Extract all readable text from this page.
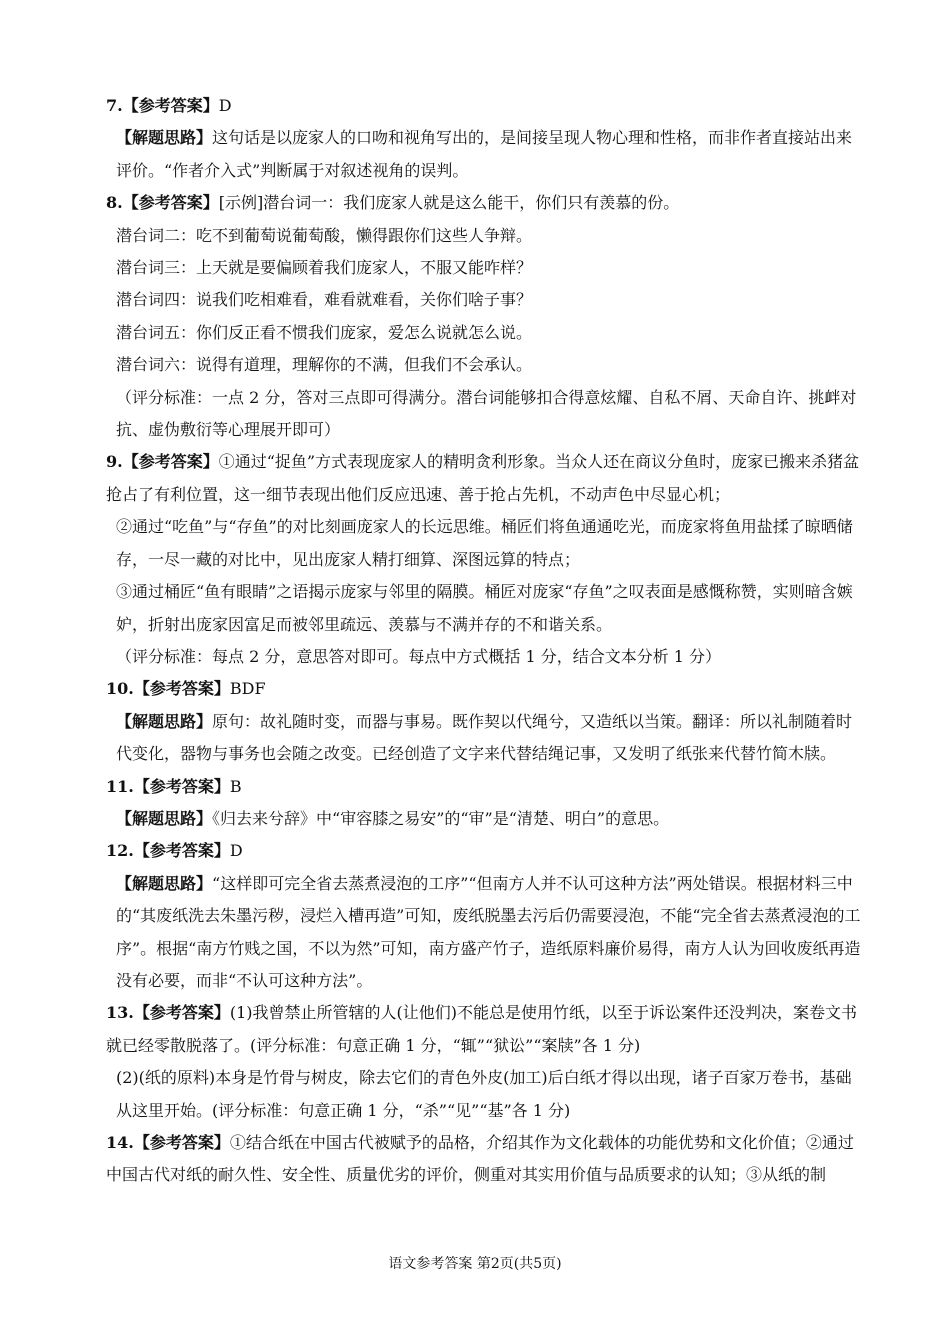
7.【参考答案】D

【解题思路】这句话是以庞家人的口吻和视角写出的，是间接呈现人物心理和性格，而非作者直接站出来评价。“作者介入式”判断属于对叙述视角的误判。

8.【参考答案】[示例]潜台词一：我们庞家人就是这么能干，你们只有羡慕的份。

潜台词二：吃不到葡萄说葡萄酸，懒得跟你们这些人争辩。

潜台词三：上天就是要偏顾着我们庞家人，不服又能咋样？

潜台词四：说我们吃相难看，难看就难看，关你们啥子事？

潜台词五：你们反正看不惯我们庞家，爱怎么说就怎么说。

潜台词六：说得有道理，理解你的不满，但我们不会承认。

（评分标准：一点 2 分，答对三点即可得满分。潜台词能够扣合得意炫耀、自私不屑、天命自许、挑衅对抗、虚伪敷衍等心理展开即可）

9.【参考答案】①通过“捉鱼”方式表现庞家人的精明贪利形象。当众人还在商议分鱼时，庞家已搬来杀猪盆抢占了有利位置，这一细节表现出他们反应迅速、善于抢占先机，不动声色中尽显心机；

②通过“吃鱼”与“存鱼”的对比刻画庞家人的长远思维。桶匠们将鱼通通吃光，而庞家将鱼用盐揉了晾晒储存，一尽一藏的对比中，见出庞家人精打细算、深图远算的特点；

③通过桶匠“鱼有眼睛”之语揭示庞家与邻里的隔膜。桶匠对庞家“存鱼”之叹表面是感慨称赞，实则暗含嫉妒，折射出庞家因富足而被邻里疏远、羡慕与不满并存的不和谐关系。

（评分标准：每点 2 分，意思答对即可。每点中方式概括 1 分，结合文本分析 1 分）

10.【参考答案】BDF

【解题思路】原句：故礼随时变，而器与事易。既作契以代绳兮，又造纸以当策。翻译：所以礼制随着时代变化，器物与事务也会随之改变。已经创造了文字来代替结绳记事，又发明了纸张来代替竹简木牍。

11.【参考答案】B

【解题思路】《归去来兮辞》中“审容膝之易安”的“审”是“清楚、明白”的意思。

12.【参考答案】D

【解题思路】“这样即可完全省去蒸煮浸泡的工序”“但南方人并不认可这种方法”两处错误。根据材料三中的“其废纸洗去朱墨污秽，浸烂入槽再造”可知，废纸脱墨去污后仍需要浸泡，不能“完全省去蒸煮浸泡的工序”。根据“南方竹贱之国，不以为然”可知，南方盛产竹子，造纸原料廉价易得，南方人认为回收废纸再造没有必要，而非“不认可这种方法”。

13.【参考答案】(1)我曾禁止所管辖的人(让他们)不能总是使用竹纸，以至于诉讼案件还没判决，案卷文书就已经零散脱落了。(评分标准：句意正确 1 分，“辄”“狱讼”“案牍”各 1 分)

(2)(纸的原料)本身是竹骨与树皮，除去它们的青色外皮(加工)后白纸才得以出现，诸子百家万卷书，基础从这里开始。(评分标准：句意正确 1 分，“杀”“见”“基”各 1 分)

14.【参考答案】①结合纸在中国古代被赋予的品格，介绍其作为文化载体的功能优势和文化价值；②通过中国古代对纸的耐久性、安全性、质量优劣的评价，侧重对其实用价值与品质要求的认知；③从纸的制

语文参考答案 第2页(共5页)
